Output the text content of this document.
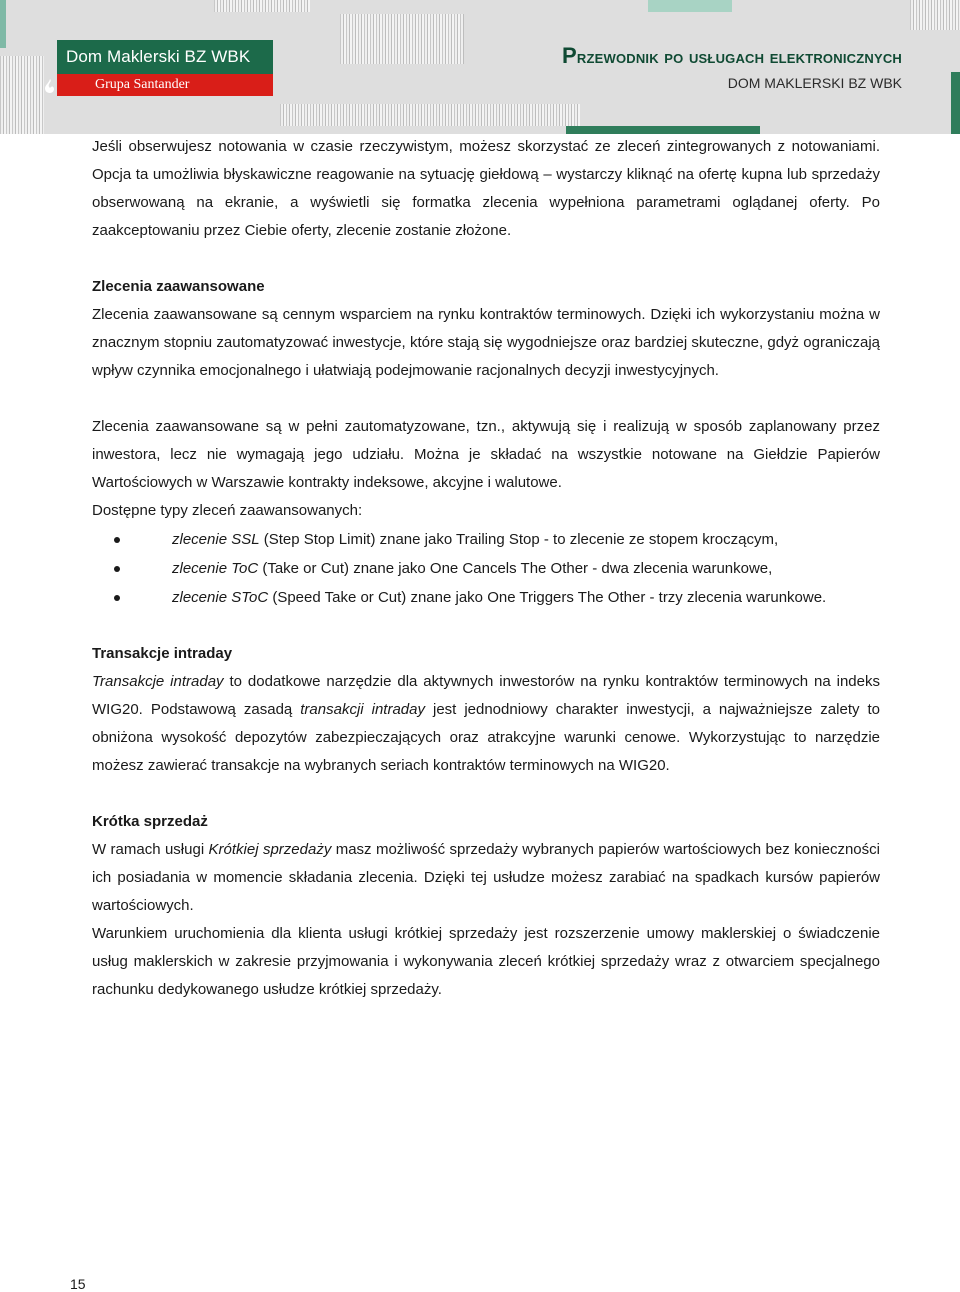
Dom Maklerski BZ WBK
Grupa Santander
Przewodnik po usługach elektronicznych
DOM MAKLERSKI BZ WBK

Jeśli obserwujesz notowania w czasie rzeczywistym, możesz skorzystać ze zleceń zintegrowanych z notowaniami. Opcja ta umożliwia błyskawiczne reagowanie na sytuację giełdową – wystarczy kliknąć na ofertę kupna lub sprzedaży obserwowaną na ekranie, a wyświetli się formatka zlecenia wypełniona parametrami oglądanej oferty. Po zaakceptowaniu przez Ciebie oferty, zlecenie zostanie złożone.

Zlecenia zaawansowane

Zlecenia zaawansowane są cennym wsparciem na rynku kontraktów terminowych. Dzięki ich wykorzystaniu można w znacznym stopniu zautomatyzować inwestycje, które stają się wygodniejsze oraz bardziej skuteczne, gdyż ograniczają wpływ czynnika emocjonalnego i ułatwiają podejmowanie racjonalnych decyzji inwestycyjnych.

Zlecenia zaawansowane są w pełni zautomatyzowane, tzn., aktywują się i realizują w sposób zaplanowany przez inwestora, lecz nie wymagają jego udziału. Można je składać na wszystkie notowane na Giełdzie Papierów Wartościowych w Warszawie kontrakty indeksowe, akcyjne i walutowe.

Dostępne typy zleceń zaawansowanych:

zlecenie SSL (Step Stop Limit) znane jako Trailing Stop - to zlecenie ze stopem kroczącym,
zlecenie ToC (Take or Cut) znane jako One Cancels The Other - dwa zlecenia warunkowe,
zlecenie SToC (Speed Take or Cut) znane jako One Triggers The Other - trzy zlecenia warunkowe.

Transakcje intraday

Transakcje intraday to dodatkowe narzędzie dla aktywnych inwestorów na rynku kontraktów terminowych na indeks WIG20. Podstawową zasadą transakcji intraday jest jednodniowy charakter inwestycji, a najważniejsze zalety to obniżona wysokość depozytów zabezpieczających oraz atrakcyjne warunki cenowe. Wykorzystując to narzędzie możesz zawierać transakcje na wybranych seriach kontraktów terminowych na WIG20.

Krótka sprzedaż

W ramach usługi Krótkiej sprzedaży masz możliwość sprzedaży wybranych papierów wartościowych bez konieczności ich posiadania w momencie składania zlecenia. Dzięki tej usłudze możesz zarabiać na spadkach kursów papierów wartościowych.

Warunkiem uruchomienia dla klienta usługi krótkiej sprzedaży jest rozszerzenie umowy maklerskiej o świadczenie usług maklerskich w zakresie przyjmowania i wykonywania zleceń krótkiej sprzedaży wraz z otwarciem specjalnego rachunku dedykowanego usłudze krótkiej sprzedaży.

15
